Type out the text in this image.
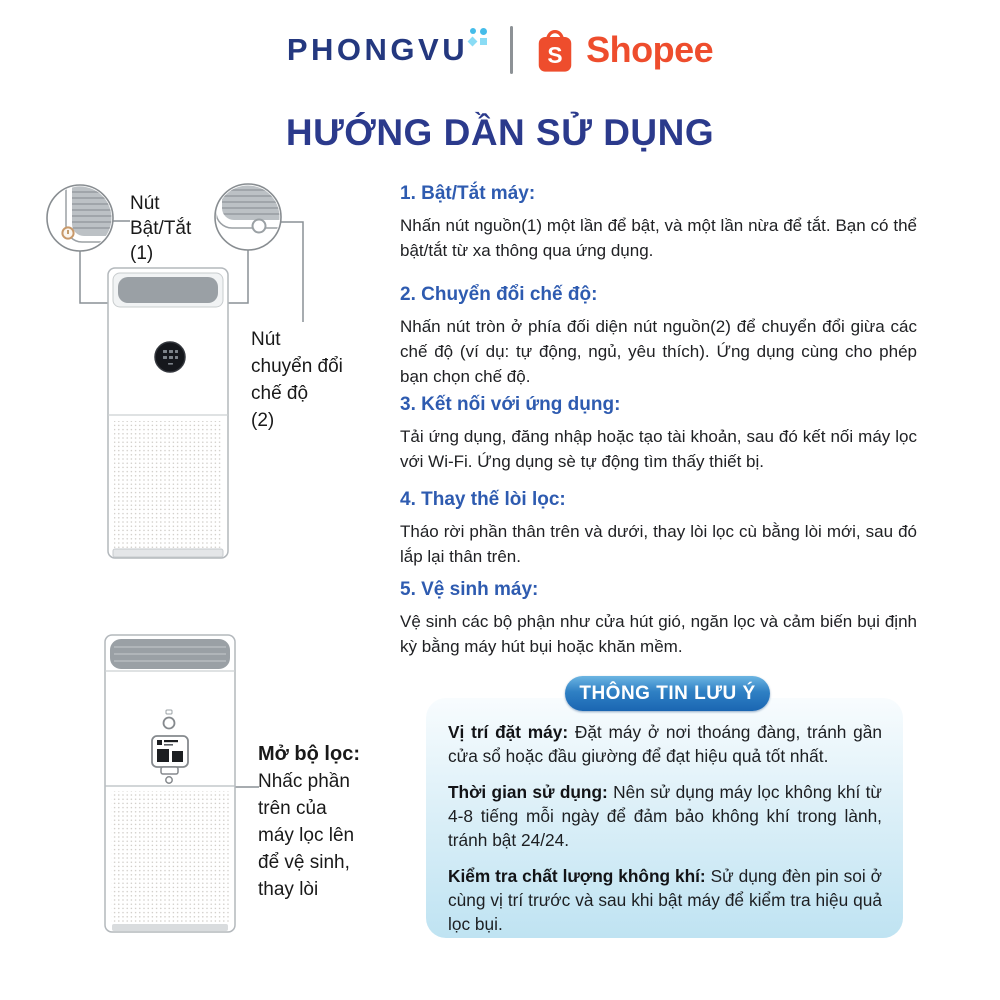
PHONGVU	S Shopee
HƯỚNG DẦN SỬ DỤNG
Nút
Bật/Tắt
(1)
Nút
chuyển đổi
chế độ
(2)
Mở bộ lọc:
Nhấc phần
trên của
máy lọc lên
để vệ sinh,
thay lòi
1. Bật/Tắt máy:

Nhấn nút nguồn(1) một lần để bật, và một lần nừa để tắt. Bạn có thể bật/tắt từ xa thông qua ứng dụng.

2. Chuyển đổi chế độ:

Nhấn nút tròn ở phía đối diện nút nguồn(2) để chuyển đổi giừa các chế độ (ví dụ: tự động, ngủ, yêu thích). Ứng dụng cùng cho phép bạn chọn chế độ.

3. Kết nối với ứng dụng:

Tải ứng dụng, đăng nhập hoặc tạo tài khoản, sau đó kết nối máy lọc với Wi-Fi. Ứng dụng sè tự động tìm thấy thiết bị.

4. Thay thế lòi lọc:

Tháo rời phần thân trên và dưới, thay lòi lọc cù bằng lòi mới, sau đó lắp lại thân trên.

5. Vệ sinh máy:

Vệ sinh các bộ phận như cửa hút gió, ngăn lọc và cảm biến bụi định kỳ bằng máy hút bụi hoặc khăn mềm.

THÔNG TIN LƯU Ý

Vị trí đặt máy: Đặt máy ở nơi thoáng đàng, tránh gần cửa sổ hoặc đầu giường để đạt hiệu quả tốt nhất.

Thời gian sử dụng: Nên sử dụng máy lọc không khí từ 4-8 tiếng mỗi ngày để đảm bảo không khí trong lành, tránh bật 24/24.

Kiểm tra chất lượng không khí: Sử dụng đèn pin soi ở cùng vị trí trước và sau khi bật máy để kiểm tra hiệu quả lọc bụi.
